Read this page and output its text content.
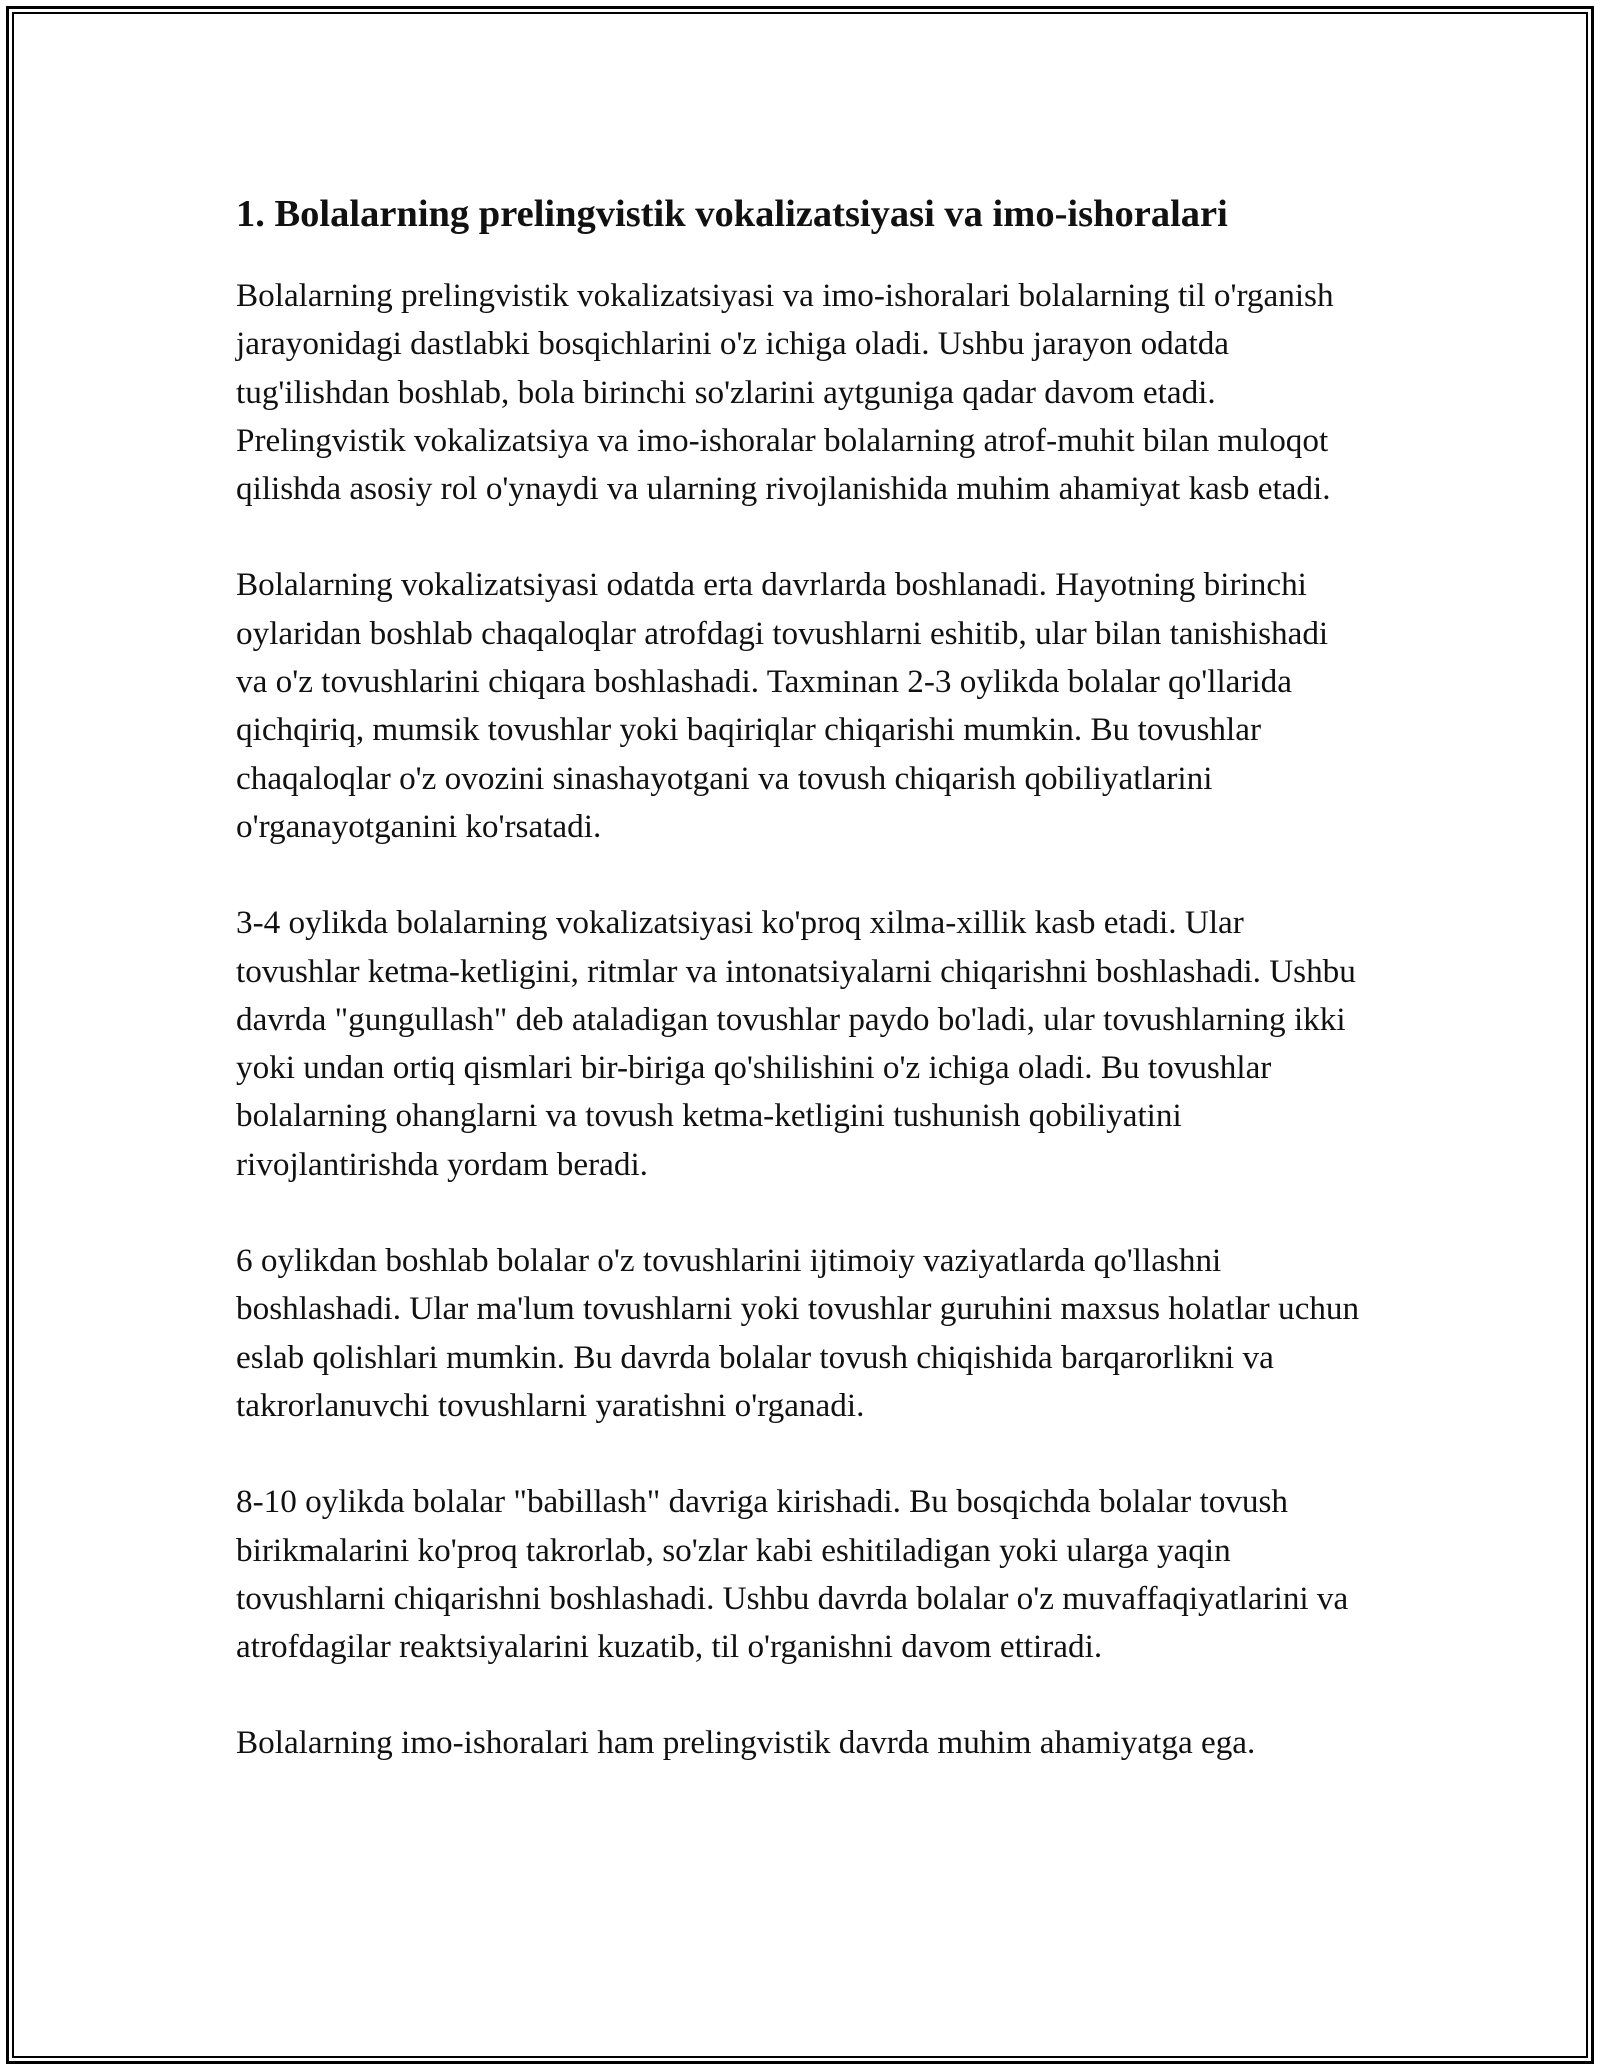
1. Bolalarning prelingvistik vokalizatsiyasi va imo-ishoralari

Bolalarning prelingvistik vokalizatsiyasi va imo-ishoralari bolalarning til o'rganish jarayonidagi dastlabki bosqichlarini o'z ichiga oladi. Ushbu jarayon odatda tug'ilishdan boshlab, bola birinchi so'zlarini aytguniga qadar davom etadi. Prelingvistik vokalizatsiya va imo-ishoralar bolalarning atrof-muhit bilan muloqot qilishda asosiy rol o'ynaydi va ularning rivojlanishida muhim ahamiyat kasb etadi.

Bolalarning vokalizatsiyasi odatda erta davrlarda boshlanadi. Hayotning birinchi oylaridan boshlab chaqaloqlar atrofdagi tovushlarni eshitib, ular bilan tanishishadi va o'z tovushlarini chiqara boshlashadi. Taxminan 2-3 oylikda bolalar qo'llarida qichqiriq, mumsik tovushlar yoki baqiriqlar chiqarishi mumkin. Bu tovushlar chaqaloqlar o'z ovozini sinashayotgani va tovush chiqarish qobiliyatlarini o'rganayotganini ko'rsatadi.

3-4 oylikda bolalarning vokalizatsiyasi ko'proq xilma-xillik kasb etadi. Ular tovushlar ketma-ketligini, ritmlar va intonatsiyalarni chiqarishni boshlashadi. Ushbu davrda "gungullash" deb ataladigan tovushlar paydo bo'ladi, ular tovushlarning ikki yoki undan ortiq qismlari bir-biriga qo'shilishini o'z ichiga oladi. Bu tovushlar bolalarning ohanglarni va tovush ketma-ketligini tushunish qobiliyatini rivojlantirishda yordam beradi.

6 oylikdan boshlab bolalar o'z tovushlarini ijtimoiy vaziyatlarda qo'llashni boshlashadi. Ular ma'lum tovushlarni yoki tovushlar guruhini maxsus holatlar uchun eslab qolishlari mumkin. Bu davrda bolalar tovush chiqishida barqarorlikni va takrorlanuvchi tovushlarni yaratishni o'rganadi.

8-10 oylikda bolalar "babillash" davriga kirishadi. Bu bosqichda bolalar tovush birikmalarini ko'proq takrorlab, so'zlar kabi eshitiladigan yoki ularga yaqin tovushlarni chiqarishni boshlashadi. Ushbu davrda bolalar o'z muvaffaqiyatlarini va atrofdagilar reaktsiyalarini kuzatib, til o'rganishni davom ettiradi.

Bolalarning imo-ishoralari ham prelingvistik davrda muhim ahamiyatga ega.
